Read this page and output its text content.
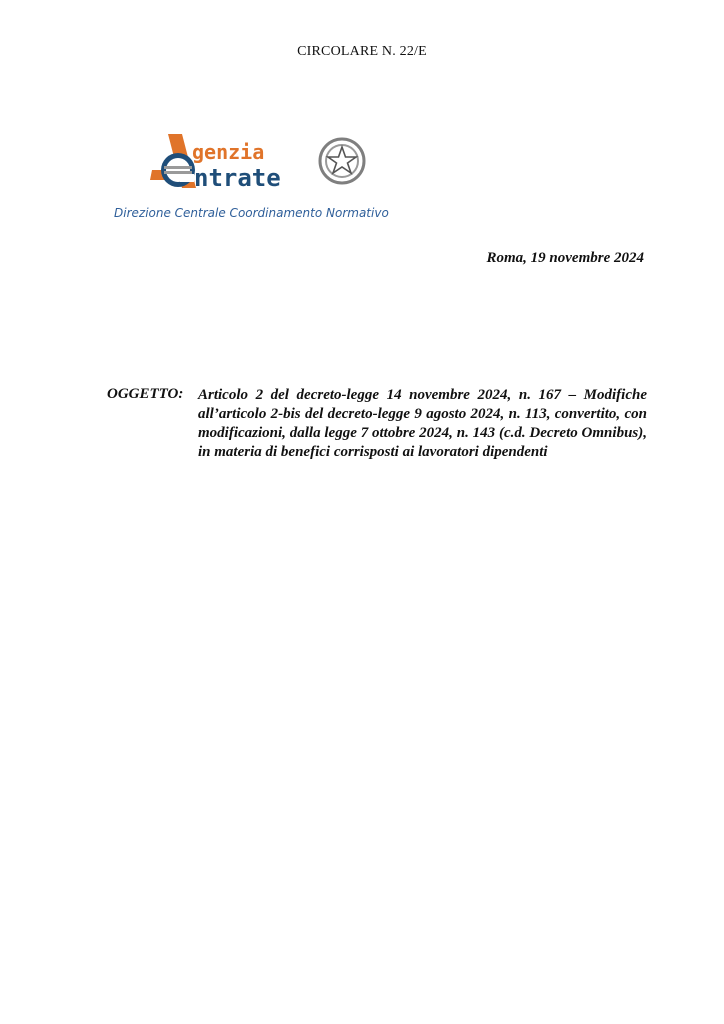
CIRCOLARE N. 22/E
genzia
ntrate
Direzione Centrale Coordinamento Normativo
Roma, 19 novembre 2024
OGGETTO: Articolo 2 del decreto-legge 14 novembre 2024, n. 167 – Modifiche all’articolo 2-bis del decreto-legge 9 agosto 2024, n. 113, convertito, con modificazioni, dalla legge 7 ottobre 2024, n. 143 (c.d. Decreto Omnibus), in materia di benefici corrisposti ai lavoratori dipendenti
